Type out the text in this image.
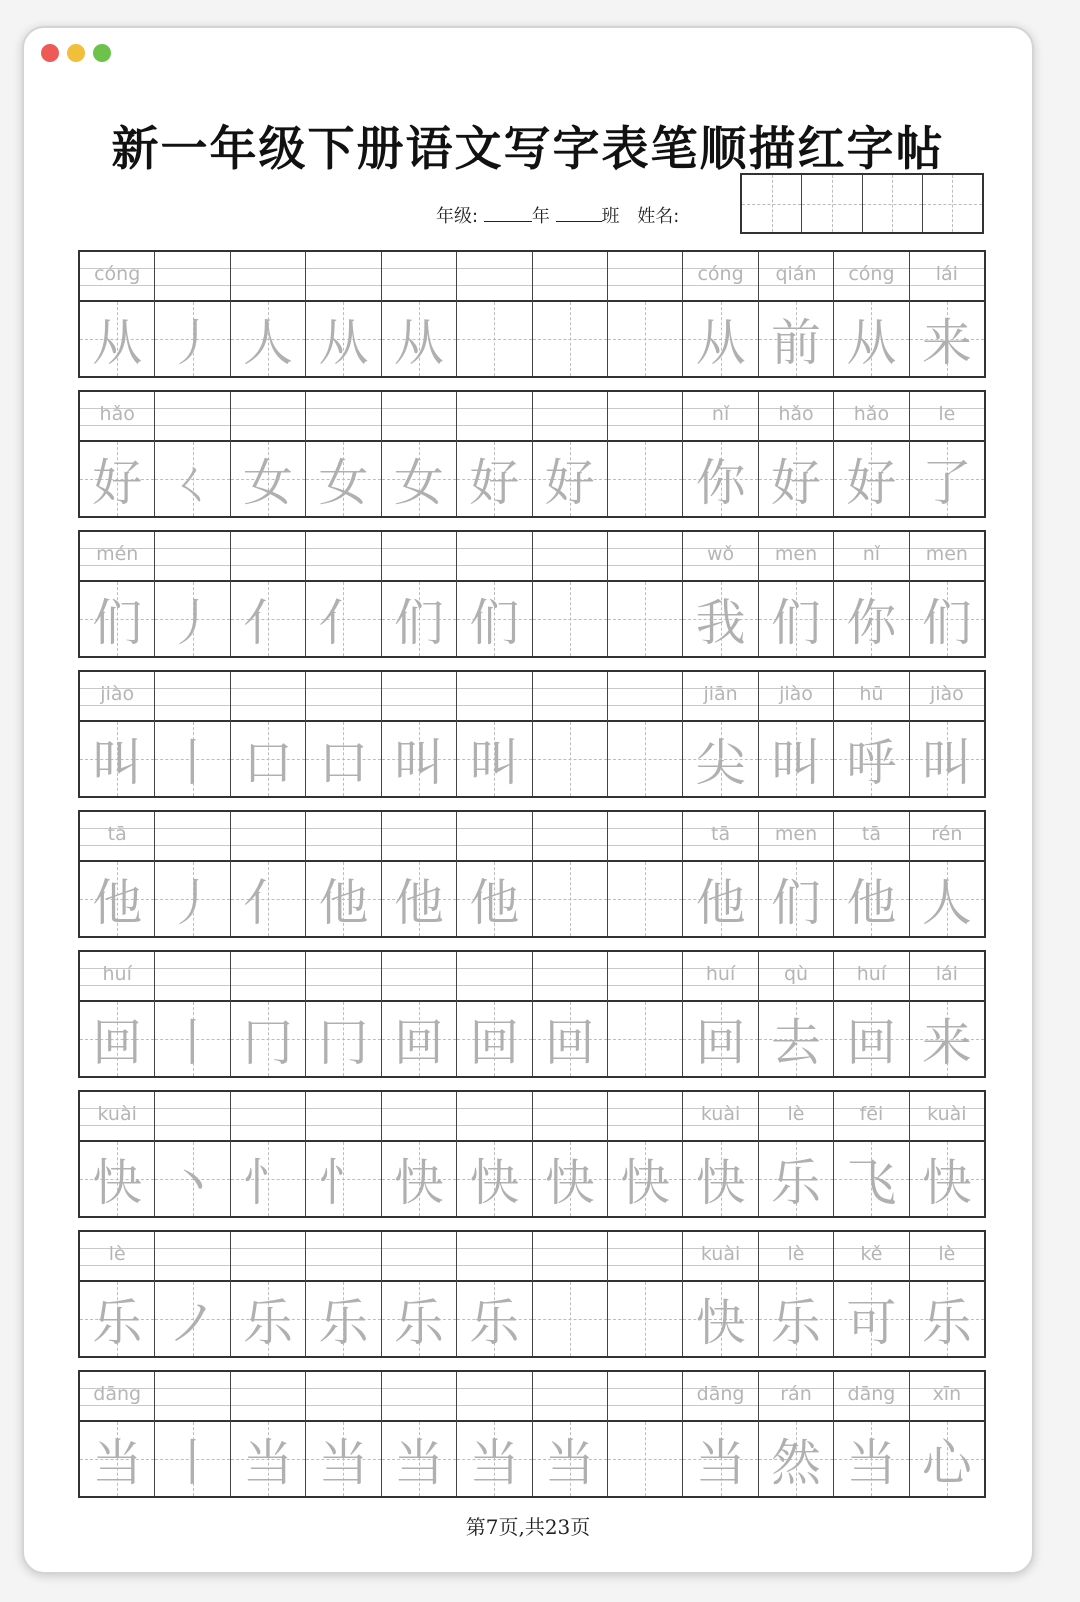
新一年级下册语文写字表笔顺描红字帖
年级:	年	班 姓名:
cóng
从 丿 人 从 从
cóng
从
qián
前
cóng
从
lái
来
hǎo
好 ㄑ 女 女 女 好 好
nǐ
你
hǎo
好
hǎo
好
le
了
mén
们 丿 亻 亻 们 们
wǒ
我
men
们
nǐ
你
men
们
jiào
叫 丨 口 口 叫 叫
jiān
尖
jiào
叫
hū
呼
jiào
叫
tā
他 丿 亻 他 他 他
tā
他
men
们
tā
他
rén
人
huí
回 丨 冂 冂 回 回 回
huí
回
qù
去
huí
回
lái
来
kuài
快 丶 忄 忄 快 快 快 快
kuài
快
lè
乐
fēi
飞
kuài
快
lè
乐 ノ 乐 乐 乐 乐
kuài
快
lè
乐
kě
可
lè
乐
dāng
当 丨 当 当 当 当 当
dāng
当
rán
然
dāng
当
xīn
心
第7页,共23页
